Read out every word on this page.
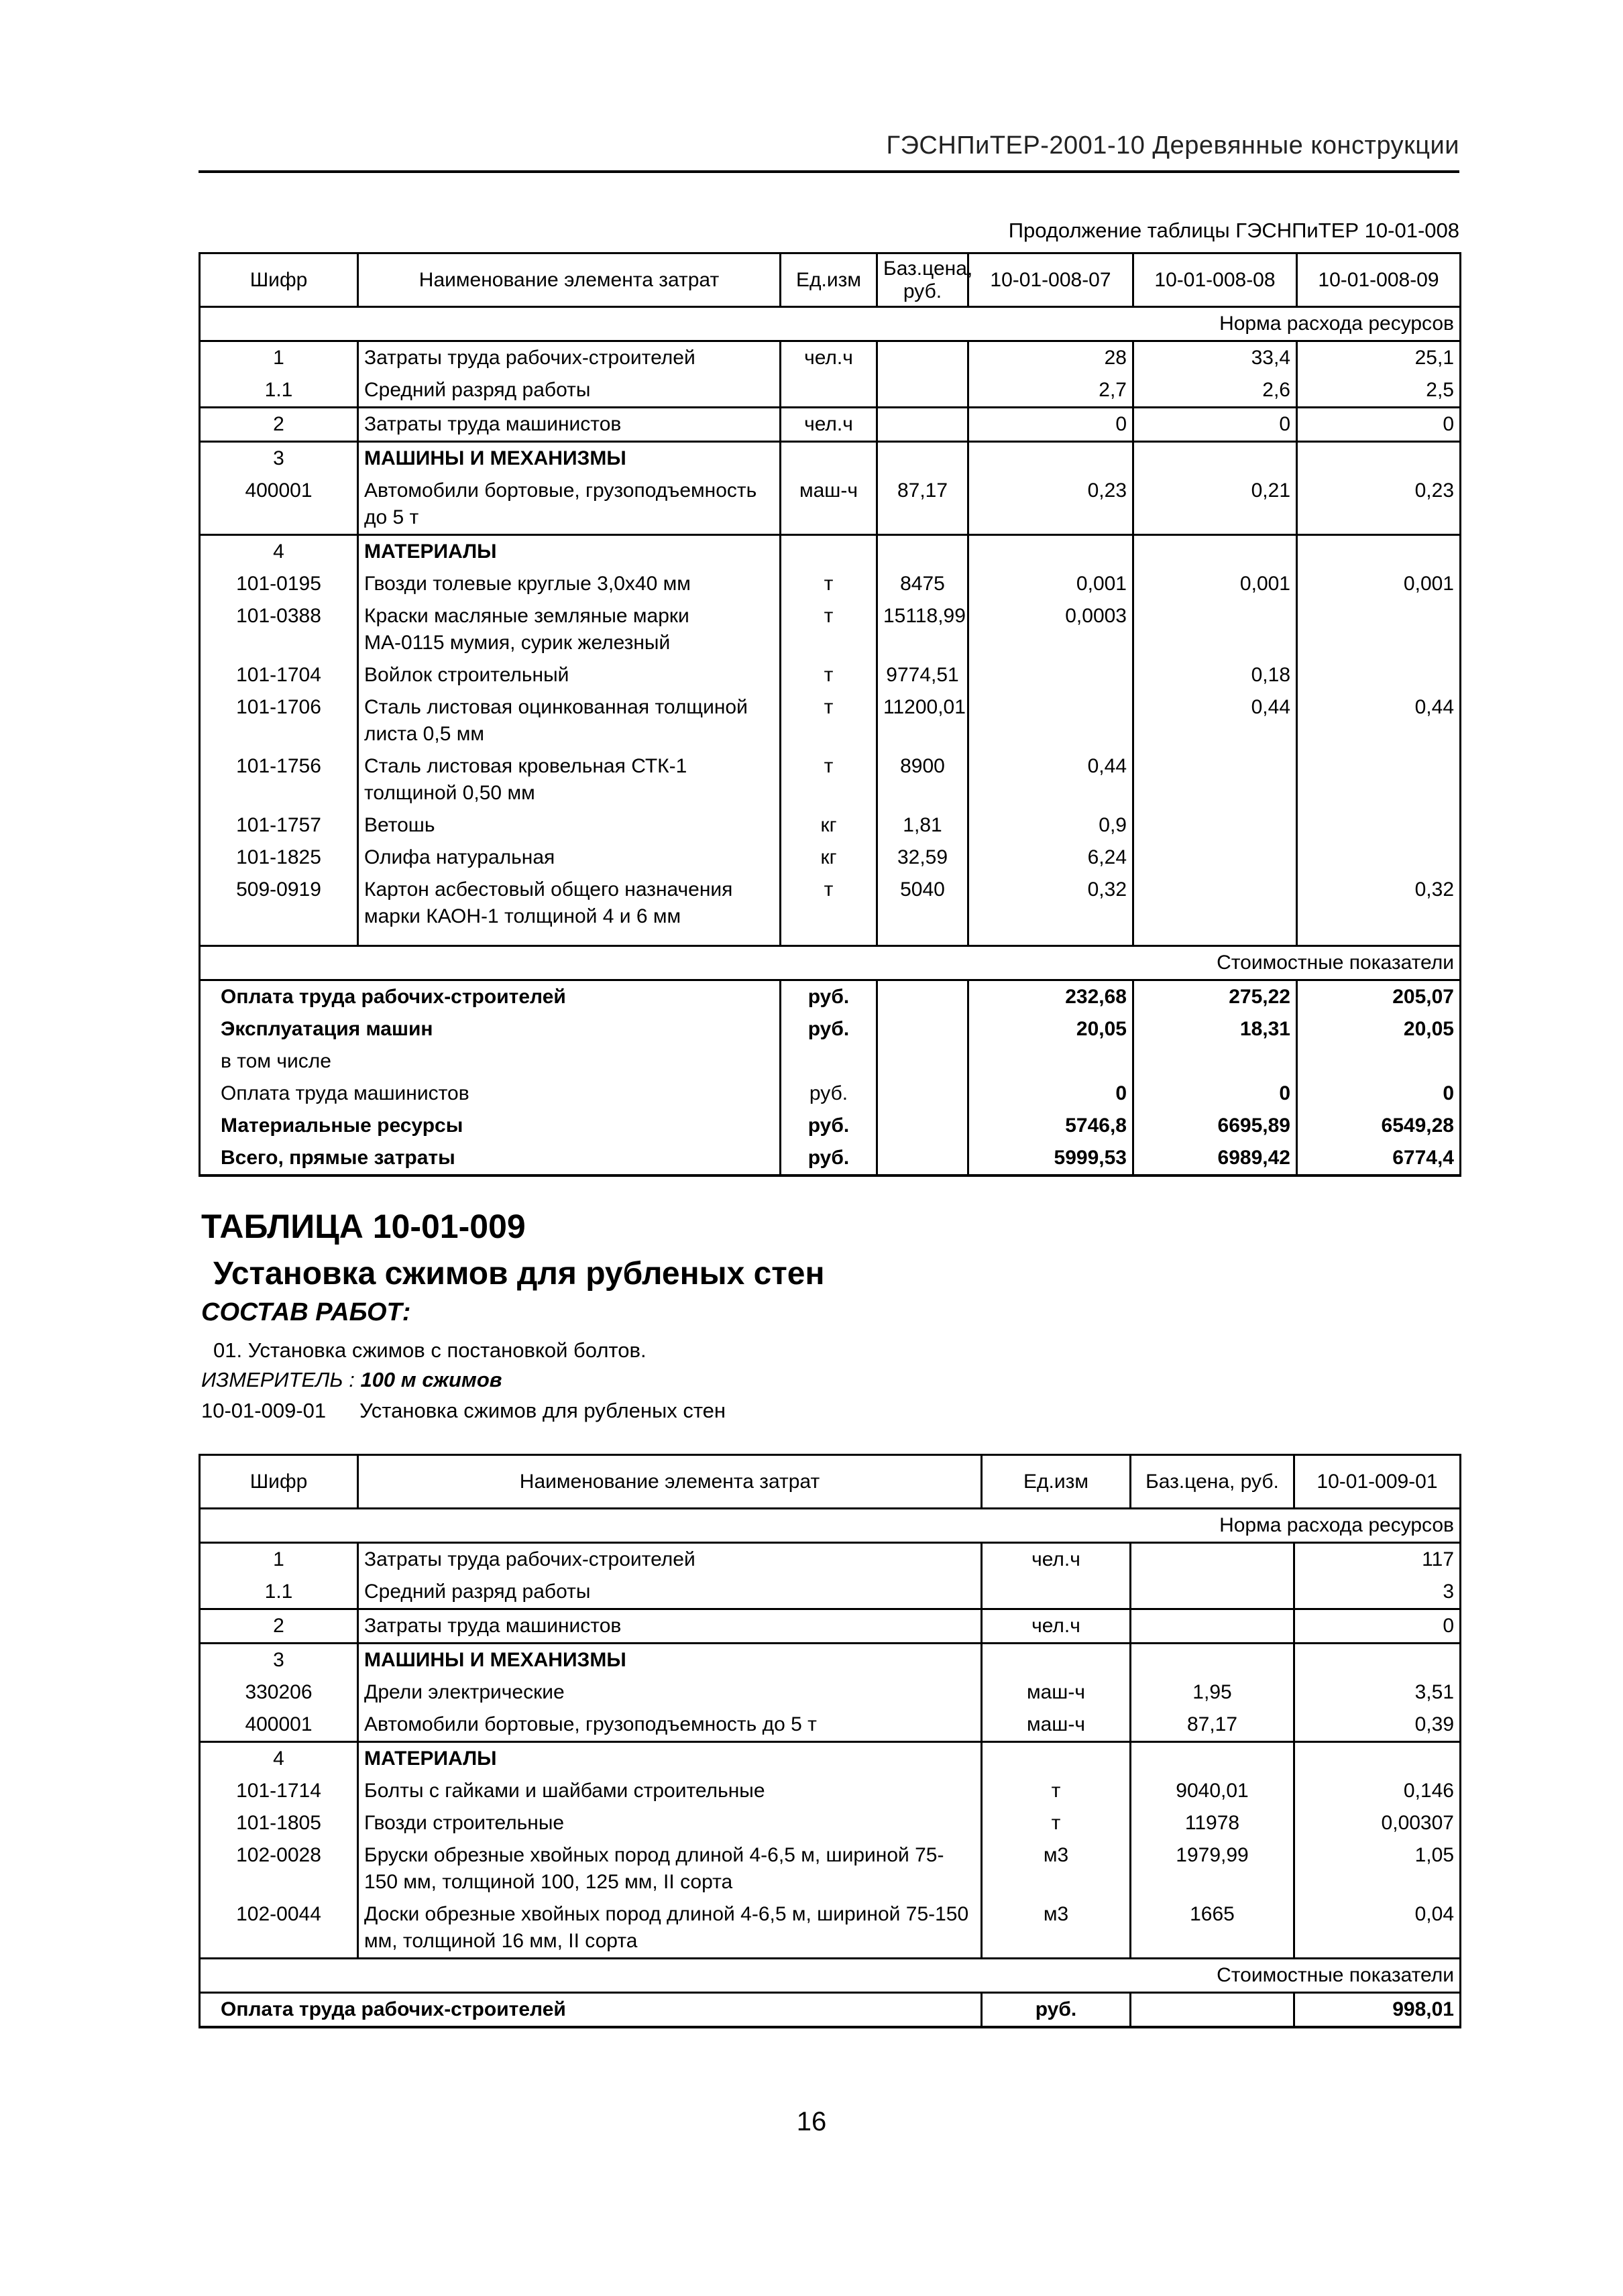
ГЭСНПиТЕР-2001-10 Деревянные конструкции
Продолжение таблицы ГЭСНПиТЕР 10-01-008
Шифр	Наименование элемента затрат	Ед.изм	Баз.цена, руб.	10-01-008-07	10-01-008-08	10-01-008-09
Норма расхода ресурсов						
1	Затраты труда рабочих-строителей	чел.ч		28	33,4	25,1
1.1	Средний разряд работы			2,7	2,6	2,5
2	Затраты труда машинистов	чел.ч		0	0	0
3	МАШИНЫ И МЕХАНИЗМЫ					
400001	Автомобили бортовые, грузоподъемность до 5 т	маш-ч	87,17	0,23	0,21	0,23
4	МАТЕРИАЛЫ					
101-0195	Гвозди толевые круглые 3,0х40 мм	т	8475	0,001	0,001	0,001
101-0388	Краски масляные земляные марки МА-0115 мумия, сурик железный	т	15118,99	0,0003		
101-1704	Войлок строительный	т	9774,51		0,18	
101-1706	Сталь листовая оцинкованная толщиной листа 0,5 мм	т	11200,01		0,44	0,44
101-1756	Сталь листовая кровельная СТК-1 толщиной 0,50 мм	т	8900	0,44		
101-1757	Ветошь	кг	1,81	0,9		
101-1825	Олифа натуральная	кг	32,59	6,24		
509-0919	Картон асбестовый общего назначения марки КАОН-1 толщиной 4 и 6 мм	т	5040	0,32		0,32

Стоимостные показатели						
Оплата труда рабочих-строителей		руб.		232,68	275,22	205,07
Эксплуатация машин		руб.		20,05	18,31	20,05
в том числе						
Оплата труда машинистов		руб.		0	0	0
Материальные ресурсы		руб.		5746,8	6695,89	6549,28
Всего, прямые затраты		руб.		5999,53	6989,42	6774,4
ТАБЛИЦА 10-01-009
Установка сжимов для рубленых стен
СОСТАВ РАБОТ:
01. Установка сжимов с постановкой болтов.
ИЗМЕРИТЕЛЬ : 100 м сжимов
10-01-009-01 Установка сжимов для рубленых стен
Шифр	Наименование элемента затрат	Ед.изм	Баз.цена, руб.	10-01-009-01
Норма расхода ресурсов				
1	Затраты труда рабочих-строителей	чел.ч		117
1.1	Средний разряд работы			3
2	Затраты труда машинистов	чел.ч		0
3	МАШИНЫ И МЕХАНИЗМЫ			
330206	Дрели электрические	маш-ч	1,95	3,51
400001	Автомобили бортовые, грузоподъемность до 5 т	маш-ч	87,17	0,39
4	МАТЕРИАЛЫ			
101-1714	Болты с гайками и шайбами строительные	т	9040,01	0,146
101-1805	Гвозди строительные	т	11978	0,00307
102-0028	Бруски обрезные хвойных пород длиной 4-6,5 м, шириной 75-150 мм, толщиной 100, 125 мм, II сорта	м3	1979,99	1,05
102-0044	Доски обрезные хвойных пород длиной 4-6,5 м, шириной 75-150 мм, толщиной 16 мм, II сорта	м3	1665	0,04
Стоимостные показатели				
Оплата труда рабочих-строителей		руб.		998,01
16
